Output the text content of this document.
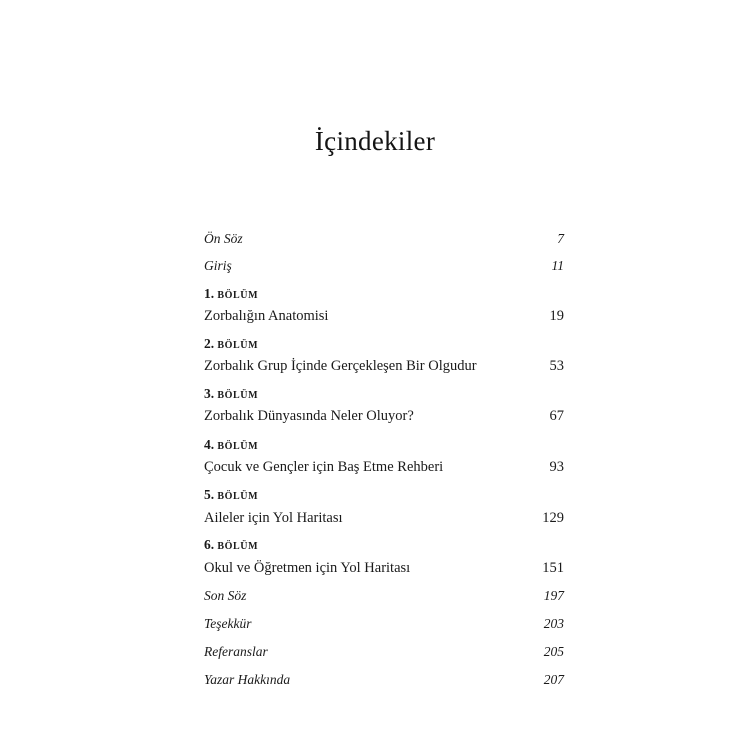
İçindekiler
Ön Söz	7
Giriş	11
1. BÖLÜM
Zorbalığın Anatomisi	19
2. BÖLÜM
Zorbalık Grup İçinde Gerçekleşen Bir Olgudur	53
3. BÖLÜM
Zorbalık Dünyasında Neler Oluyor?	67
4. BÖLÜM
Çocuk ve Gençler için Baş Etme Rehberi	93
5. BÖLÜM
Aileler için Yol Haritası	129
6. BÖLÜM
Okul ve Öğretmen için Yol Haritası	151
Son Söz	197
Teşekkür	203
Referanslar	205
Yazar Hakkında	207
